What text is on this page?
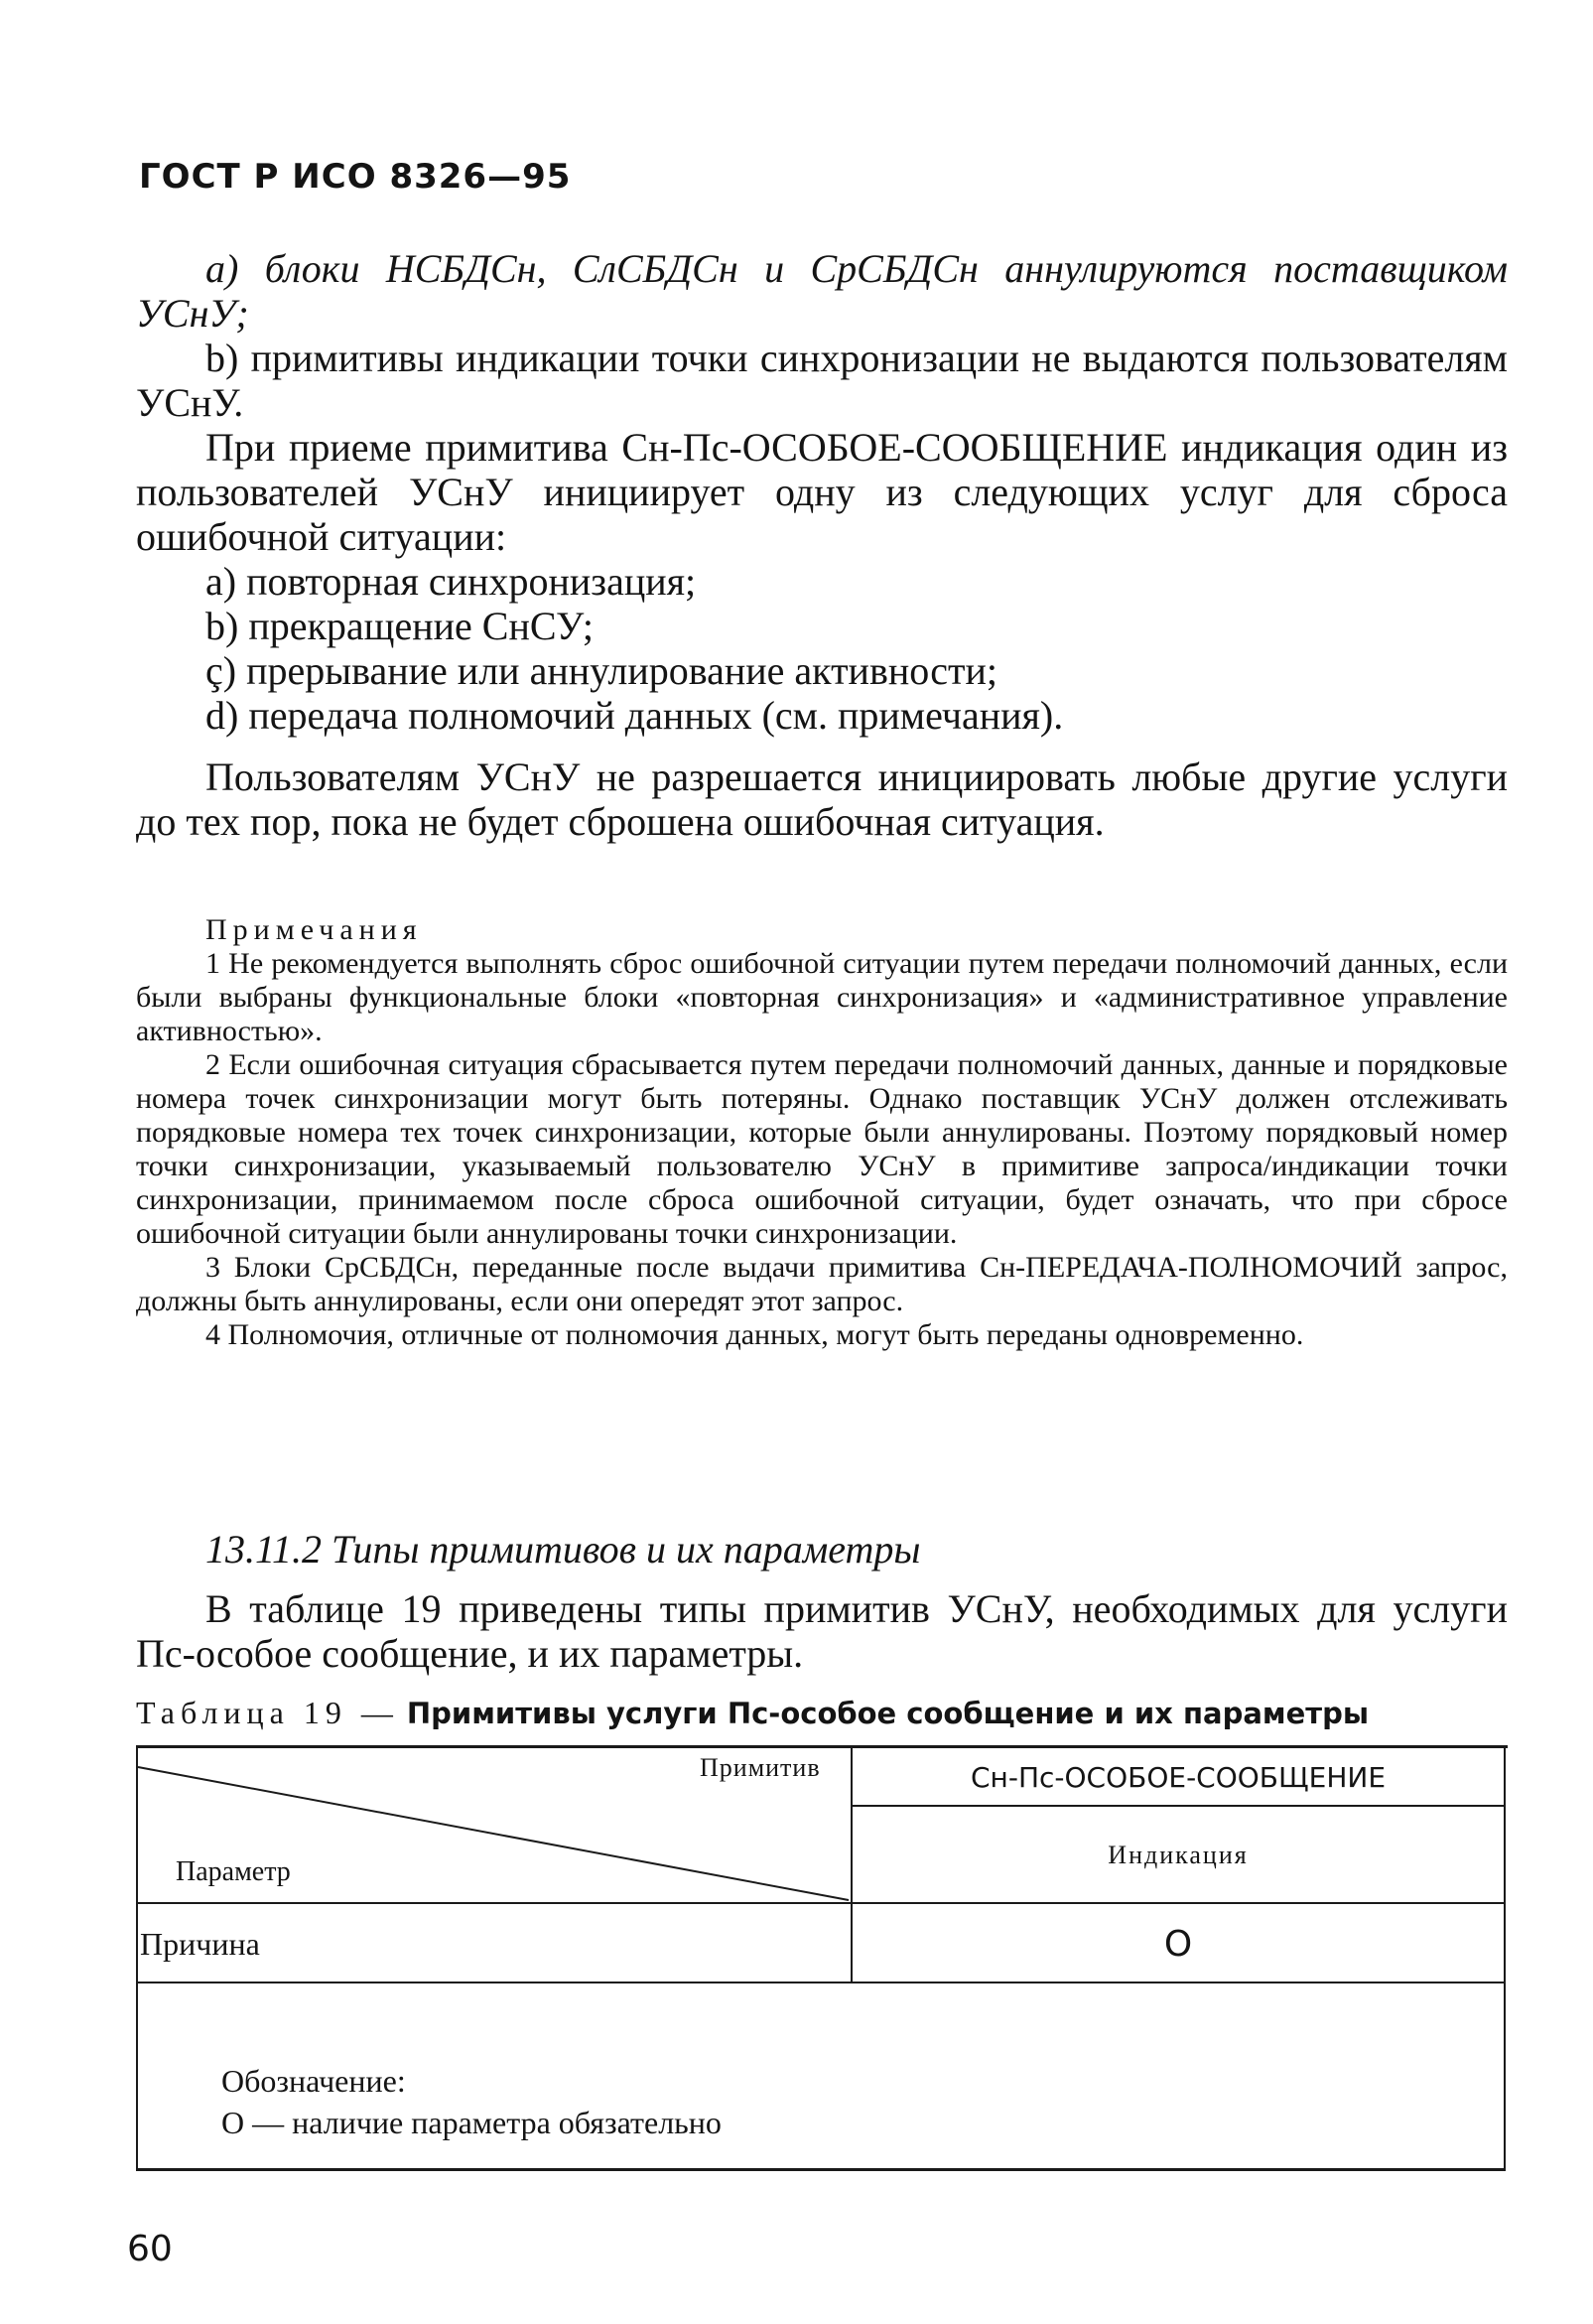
ГОСТ Р ИСО 8326—95

а) блоки НСБДСн, СлСБДСн и СрСБДСн аннулируются поставщиком УСнУ;

b) примитивы индикации точки синхронизации не выдаются пользователям УСнУ.

При приеме примитива Сн-Пс-ОСОБОЕ-СООБЩЕНИЕ индикация один из пользователей УСнУ инициирует одну из следующих услуг для сброса ошибочной ситуации:

а) повторная синхронизация;

b) прекращение СнСУ;

ç) прерывание или аннулирование активности;

d) передача полномочий данных (см. примечания).

Пользователям УСнУ не разрешается инициировать любые другие услуги до тех пор, пока не будет сброшена ошибочная ситуация.

Примечания

1 Не рекомендуется выполнять сброс ошибочной ситуации путем передачи полномочий данных, если были выбраны функциональные блоки «повторная синхронизация» и «административное управление активностью».

2 Если ошибочная ситуация сбрасывается путем передачи полномочий данных, данные и порядковые номера точек синхронизации могут быть потеряны. Однако поставщик УСнУ должен отслеживать порядковые номера тех точек синхронизации, которые были аннулированы. Поэтому порядковый номер точки синхронизации, указываемый пользователю УСнУ в примитиве запроса/индикации точки синхронизации, принимаемом после сброса ошибочной ситуации, будет означать, что при сбросе ошибочной ситуации были аннулированы точки синхронизации.

3 Блоки СрСБДСн, переданные после выдачи примитива Сн-ПЕРЕДАЧА-ПОЛНОМОЧИЙ запрос, должны быть аннулированы, если они опередят этот запрос.

4 Полномочия, отличные от полномочия данных, могут быть переданы одновременно.

13.11.2 Типы примитивов и их параметры

В таблице 19 приведены типы примитив УСнУ, необходимых для услуги Пс-особое сообщение, и их параметры.

Таблица 19 — Примитивы услуги Пс-особое сообщение и их параметры
Примитив
Параметр
Сн-Пс-ОСОБОЕ-СООБЩЕНИЕ
Индикация
Причина	О
Обозначение:
О — наличие параметра обязательно
60
